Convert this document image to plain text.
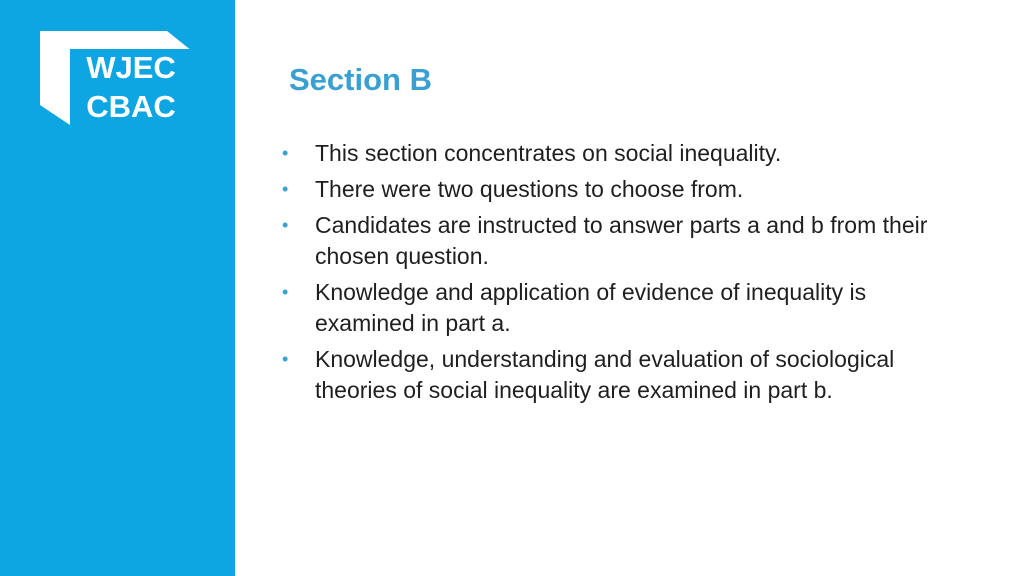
WJEC
CBAC
Section B
•	This section concentrates on social inequality.
•	There were two questions to choose from.
•	Candidates are instructed to answer parts a and b from their chosen question.
•	Knowledge and application of evidence of inequality is examined in part a.
•	Knowledge, understanding and evaluation of sociological theories of social inequality are examined in part b.
